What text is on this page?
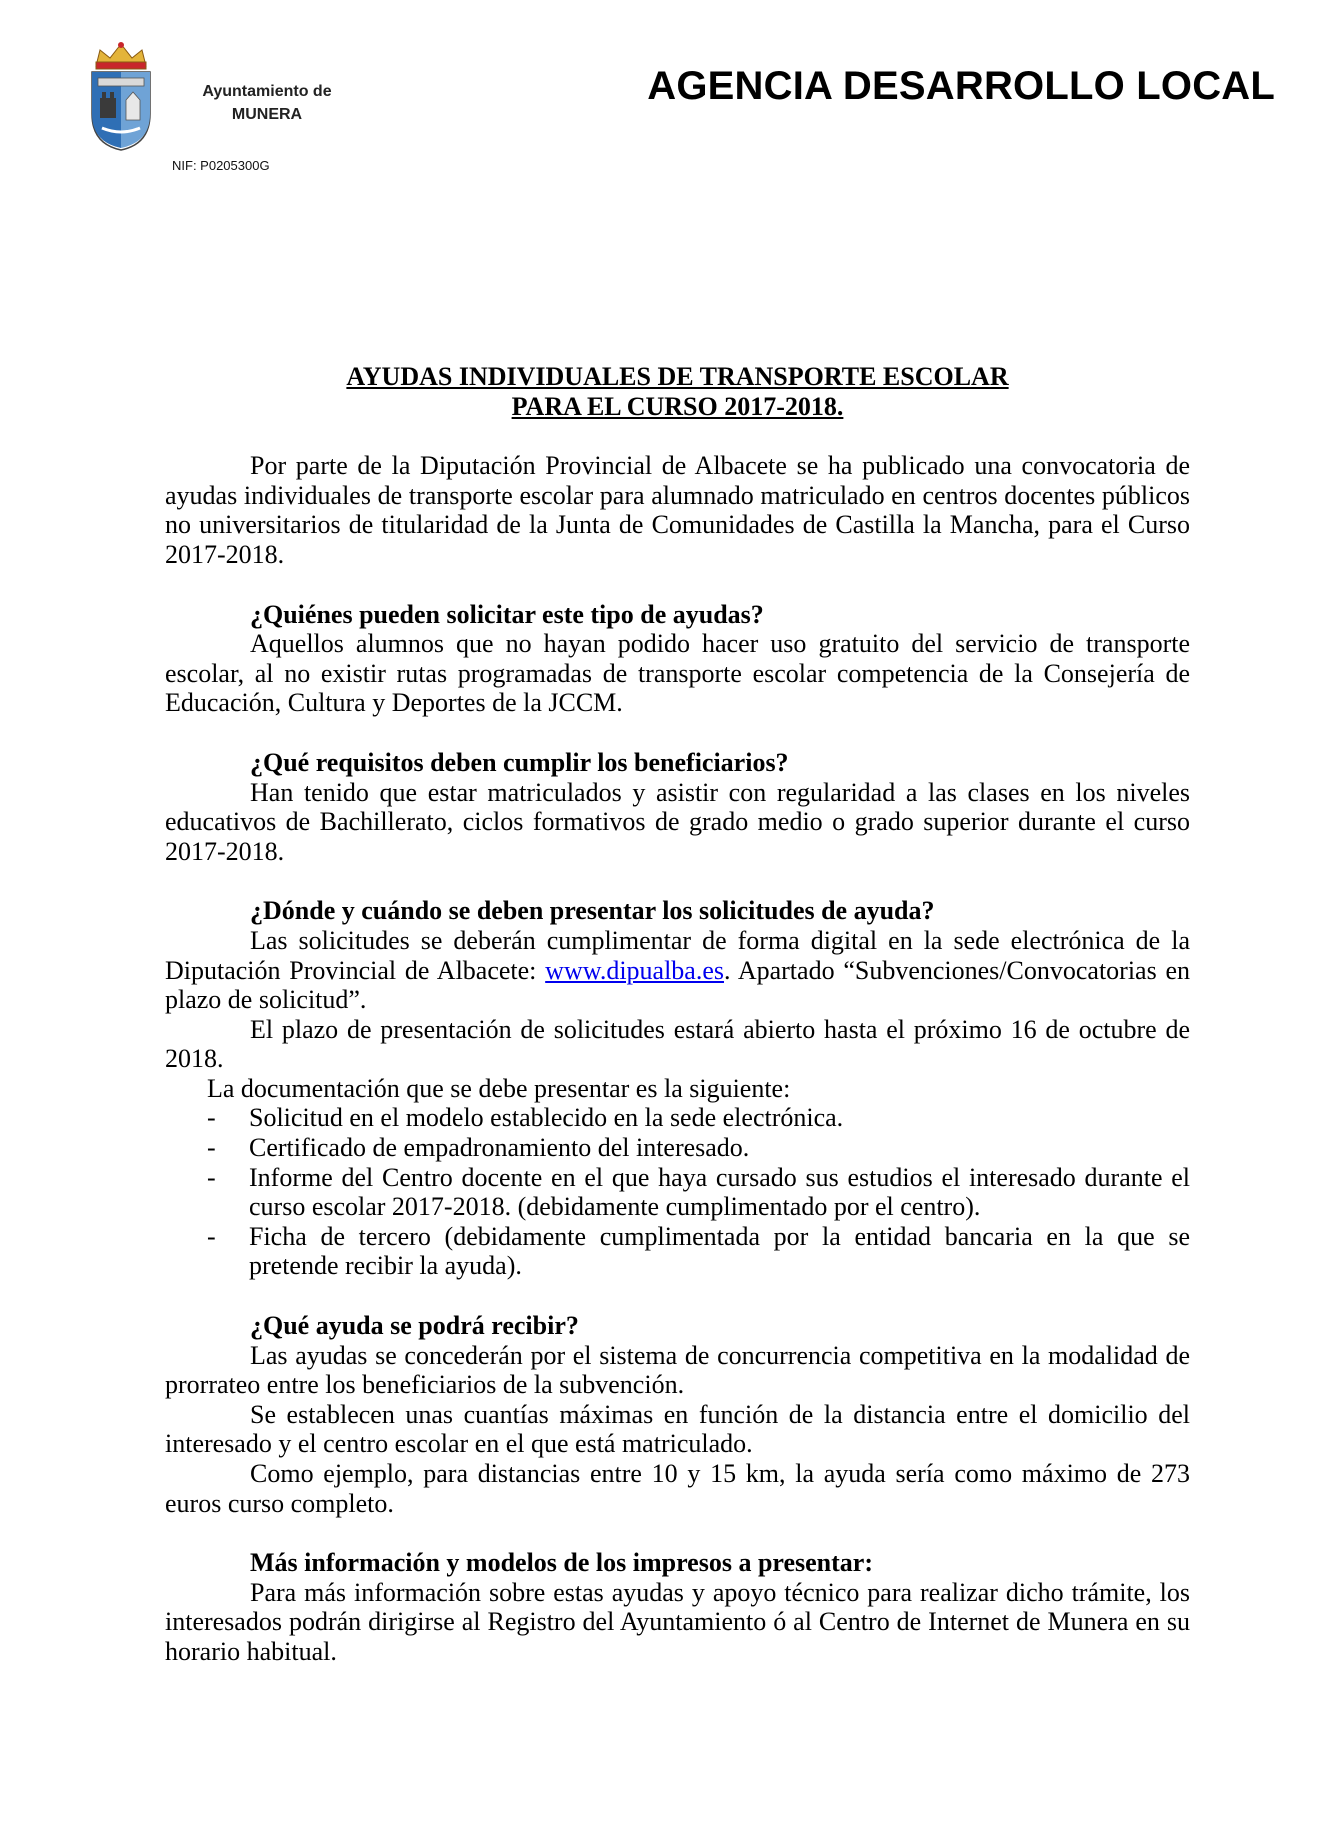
Ayuntamiento de
MUNERA
NIF: P0205300G
AGENCIA DESARROLLO LOCAL

AYUDAS INDIVIDUALES DE TRANSPORTE ESCOLAR

PARA EL CURSO 2017-2018.

Por parte de la Diputación Provincial de Albacete se ha publicado una convocatoria de ayudas individuales de transporte escolar para alumnado matriculado en centros docentes públicos no universitarios de titularidad de la Junta de Comunidades de Castilla la Mancha, para el Curso 2017-2018.

¿Quiénes pueden solicitar este tipo de ayudas?

Aquellos alumnos que no hayan podido hacer uso gratuito del servicio de transporte escolar, al no existir rutas programadas de transporte escolar competencia de la Consejería de Educación, Cultura y Deportes de la JCCM.

¿Qué requisitos deben cumplir los beneficiarios?

Han tenido que estar matriculados y asistir con regularidad a las clases en los niveles educativos de Bachillerato, ciclos formativos de grado medio o grado superior durante el curso 2017-2018.

¿Dónde y cuándo se deben presentar los solicitudes de ayuda?

Las solicitudes se deberán cumplimentar de forma digital en la sede electrónica de la Diputación Provincial de Albacete: www.dipualba.es. Apartado “Subvenciones/Convocatorias en plazo de solicitud”.

El plazo de presentación de solicitudes estará abierto hasta el próximo 16 de octubre de 2018.

La documentación que se debe presentar es la siguiente:

-	Solicitud en el modelo establecido en la sede electrónica.
-	Certificado de empadronamiento del interesado.
-	Informe del Centro docente en el que haya cursado sus estudios el interesado durante el curso escolar 2017-2018. (debidamente cumplimentado por el centro).
-	Ficha de tercero (debidamente cumplimentada por la entidad bancaria en la que se pretende recibir la ayuda).

¿Qué ayuda se podrá recibir?

Las ayudas se concederán por el sistema de concurrencia competitiva en la modalidad de prorrateo entre los beneficiarios de la subvención.

Se establecen unas cuantías máximas en función de la distancia entre el domicilio del interesado y el centro escolar en el que está matriculado.

Como ejemplo, para distancias entre 10 y 15 km, la ayuda sería como máximo de 273 euros curso completo.

Más información y modelos de los impresos a presentar:

Para más información sobre estas ayudas y apoyo técnico para realizar dicho trámite, los interesados podrán dirigirse al Registro del Ayuntamiento ó al Centro de Internet de Munera en su horario habitual.
